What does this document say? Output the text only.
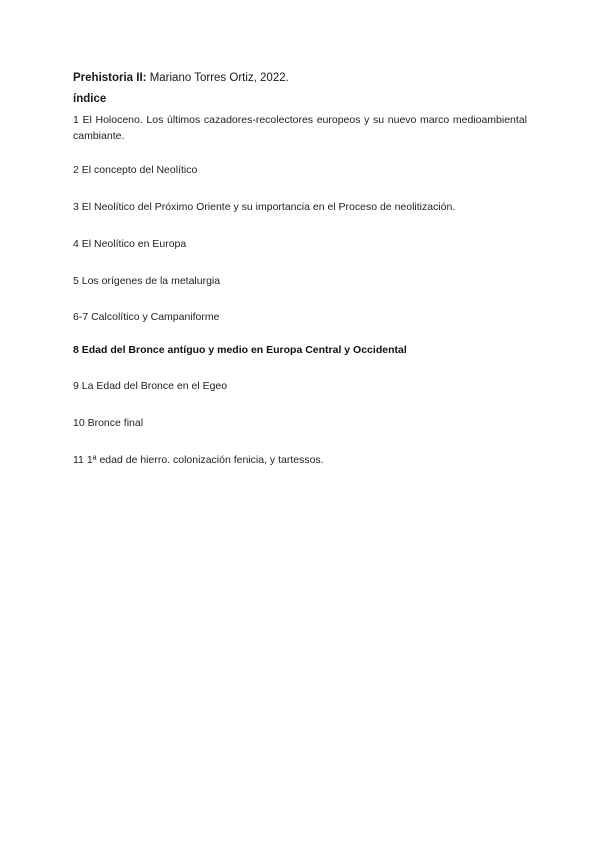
Prehistoria II: Mariano Torres Ortiz, 2022.
índice
1 El Holoceno. Los últimos cazadores-recolectores europeos y su nuevo marco medioambiental cambiante.
2 El concepto del Neolítico
3 El Neolítico del Próximo Oriente y su importancia en el Proceso de neolitización.
4 El Neolítico en Europa
5 Los orígenes de la metalurgia
6-7 Calcolítico y Campaniforme
8 Edad del Bronce antíguo y medio en Europa Central y Occidental
9 La Edad del Bronce en el Egeo
10 Bronce final
11 1ª edad de hierro. colonización fenicia, y tartessos.
